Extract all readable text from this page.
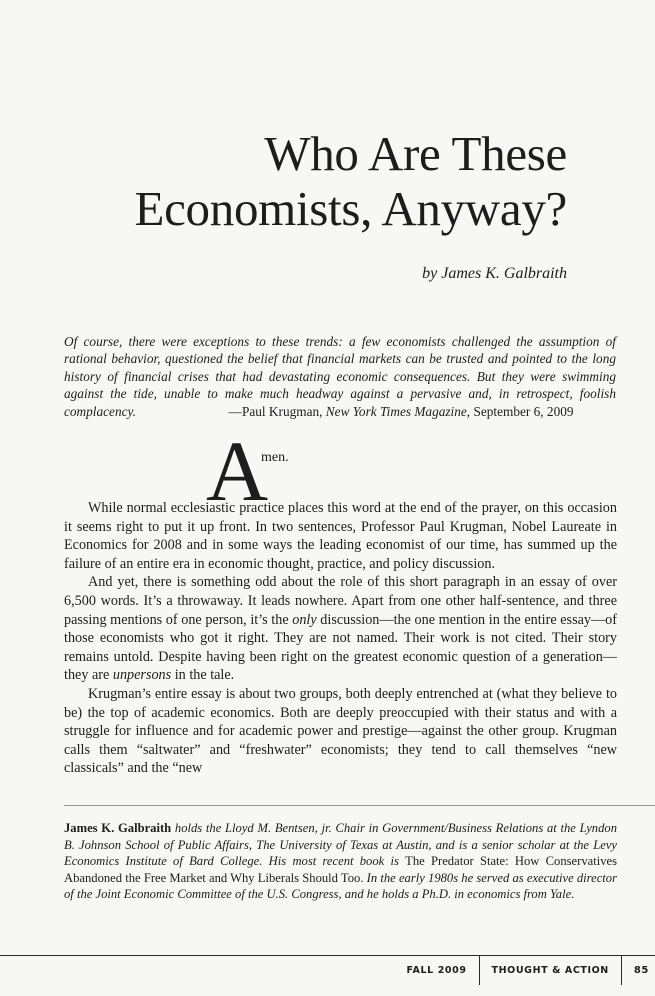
Who Are These
Economists, Anyway?
by James K. Galbraith
Of course, there were exceptions to these trends: a few economists challenged the assumption of rational behavior, questioned the belief that financial markets can be trusted and pointed to the long history of financial crises that had devastating economic consequences. But they were swimming against the tide, unable to make much headway against a pervasive and, in retrospect, foolish complacency.	—Paul Krugman, New York Times Magazine, September 6, 2009
A
men.

While normal ecclesiastic practice places this word at the end of the prayer, on this occasion it seems right to put it up front. In two sentences, Professor Paul Krugman, Nobel Laureate in Economics for 2008 and in some ways the leading economist of our time, has summed up the failure of an entire era in economic thought, practice, and policy discussion.

And yet, there is something odd about the role of this short paragraph in an essay of over 6,500 words. It’s a throwaway. It leads nowhere. Apart from one other half-sentence, and three passing mentions of one person, it’s the only discussion—the one mention in the entire essay—of those economists who got it right. They are not named. Their work is not cited. Their story remains untold. Despite having been right on the greatest economic question of a generation—they are unpersons in the tale.

Krugman’s entire essay is about two groups, both deeply entrenched at (what they believe to be) the top of academic economics. Both are deeply preoccupied with their status and with a struggle for influence and for academic power and prestige—against the other group. Krugman calls them “saltwater” and “freshwater” economists; they tend to call themselves “new classicals” and the “new

James K. Galbraith holds the Lloyd M. Bentsen, jr. Chair in Government/Business Relations at the Lyndon B. Johnson School of Public Affairs, The University of Texas at Austin, and is a senior scholar at the Levy Economics Institute of Bard College. His most recent book is The Predator State: How Conservatives Abandoned the Free Market and Why Liberals Should Too. In the early 1980s he served as executive director of the Joint Economic Committee of the U.S. Congress, and he holds a Ph.D. in economics from Yale.
FALL 2009	THOUGHT & ACTION	85
